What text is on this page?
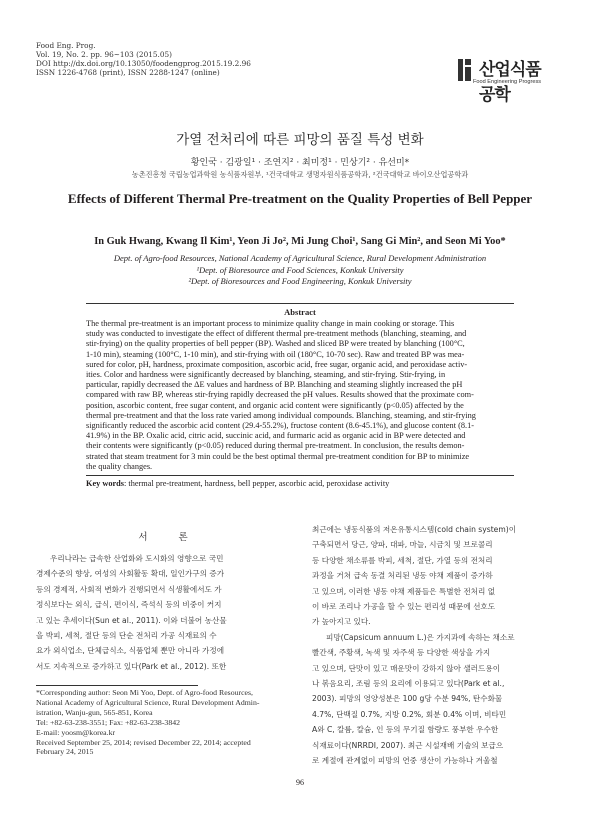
Food Eng. Prog.
Vol. 19, No. 2. pp. 96~103 (2015.05)
DOI http://dx.doi.org/10.13050/foodengprog.2015.19.2.96
ISSN 1226-4768 (print), ISSN 2288-1247 (online)	산업식품공학
Food Engineering Progress
가열 전처리에 따른 피망의 품질 특성 변화
황인국 · 김광일¹ · 조연지² · 최미정¹ · 민상기² · 유선미*
농촌진흥청 국립농업과학원 농식품자원부, ¹건국대학교 생명자원식품공학과, ²건국대학교 바이오산업공학과
Effects of Different Thermal Pre-treatment on the Quality Properties of Bell Pepper
In Guk Hwang, Kwang Il Kim¹, Yeon Ji Jo², Mi Jung Choi¹, Sang Gi Min², and Seon Mi Yoo*
Dept. of Agro-food Resources, National Academy of Agricultural Science, Rural Development Administration
¹Dept. of Bioresource and Food Sciences, Konkuk University
²Dept. of Bioresources and Food Engineering, Konkuk University
Abstract
The thermal pre-treatment is an important process to minimize quality change in main cooking or storage. This
study was conducted to investigate the effect of different thermal pre-treatment methods (blanching, steaming, and
stir-frying) on the quality properties of bell pepper (BP). Washed and sliced BP were treated by blanching (100°C,
1-10 min), steaming (100°C, 1-10 min), and stir-frying with oil (180°C, 10-70 sec). Raw and treated BP was mea-
sured for color, pH, hardness, proximate composition, ascorbic acid, free sugar, organic acid, and peroxidase activ-
ities. Color and hardness were significantly decreased by blanching, steaming, and stir-frying. Stir-frying, in
particular, rapidly decreased the ΔE values and hardness of BP. Blanching and steaming slightly increased the pH
compared with raw BP, whereas stir-frying rapidly decreased the pH values. Results showed that the proximate com-
position, ascorbic content, free sugar content, and organic acid content were significantly (p<0.05) affected by the
thermal pre-treatment and that the loss rate varied among individual compounds. Blanching, steaming, and stir-frying
significantly reduced the ascorbic acid content (29.4-55.2%), fructose content (8.6-45.1%), and glucose content (8.1-
41.9%) in the BP. Oxalic acid, citric acid, succinic acid, and furmaric acid as organic acid in BP were detected and
their contents were significantly (p<0.05) reduced during thermal pre-treatment. In conclusion, the results demon-
strated that steam treatment for 3 min could be the best optimal thermal pre-treatment condition for BP to minimize
the quality changes.
Key words: thermal pre-treatment, hardness, bell pepper, ascorbic acid, peroxidase activity
서 론

우리나라는 급속한 산업화와 도시화의 영향으로 국민

경제수준의 향상, 여성의 사회활동 확대, 일인가구의 증가

등의 경제적, 사회적 변화가 진행되면서 식생활에서도 가

정식보다는 외식, 급식, 편이식, 즉석식 등의 비중이 커지

고 있는 추세이다(Sun et al., 2011). 이와 더불어 농산물

을 박피, 세척, 절단 등의 단순 전처리 가공 식재료의 수

요가 외식업소, 단체급식소, 식품업체 뿐만 아니라 가정에

서도 지속적으로 증가하고 있다(Park et al., 2012). 또한

*Corresponding author: Seon Mi Yoo, Dept. of Agro-food Resources,

National Academy of Agricultural Science, Rural Development Admin-

istration, Wanju-gun, 565-851, Korea

Tel: +82-63-238-3551; Fax: +82-63-238-3842

E-mail: yoosm@korea.kr

Received September 25, 2014; revised December 22, 2014; accepted

February 24, 2015

최근에는 냉동식품의 저온유통시스템(cold chain system)이

구축되면서 당근, 양파, 대파, 마늘, 시금치 및 브로콜리

등 다양한 채소류를 박피, 세척, 절단, 가열 등의 전처리

과정을 거쳐 급속 동결 처리된 냉동 야채 제품이 증가하

고 있으며, 이러한 냉동 야채 제품들은 특별한 전처리 없

이 바로 조리나 가공을 할 수 있는 편리성 때문에 선호도

가 높아지고 있다.

피망(Capsicum annuum L.)은 가지과에 속하는 채소로

빨간색, 주황색, 녹색 및 자주색 등 다양한 색상을 가지

고 있으며, 단맛이 있고 매운맛이 강하지 않아 샐러드용이

나 볶음요리, 조림 등의 요리에 이용되고 있다(Park et al.,

2003). 피망의 영양성분은 100 g당 수분 94%, 탄수화물

4.7%, 단백질 0.7%, 지방 0.2%, 회분 0.4% 이며, 비타민

A와 C, 칼륨, 칼슘, 인 등의 무기질 함량도 풍부한 우수한

식재료이다(NRRDI, 2007). 최근 시설재배 기술의 보급으

로 계절에 관계없이 피망의 연중 생산이 가능하나 겨울철

96
